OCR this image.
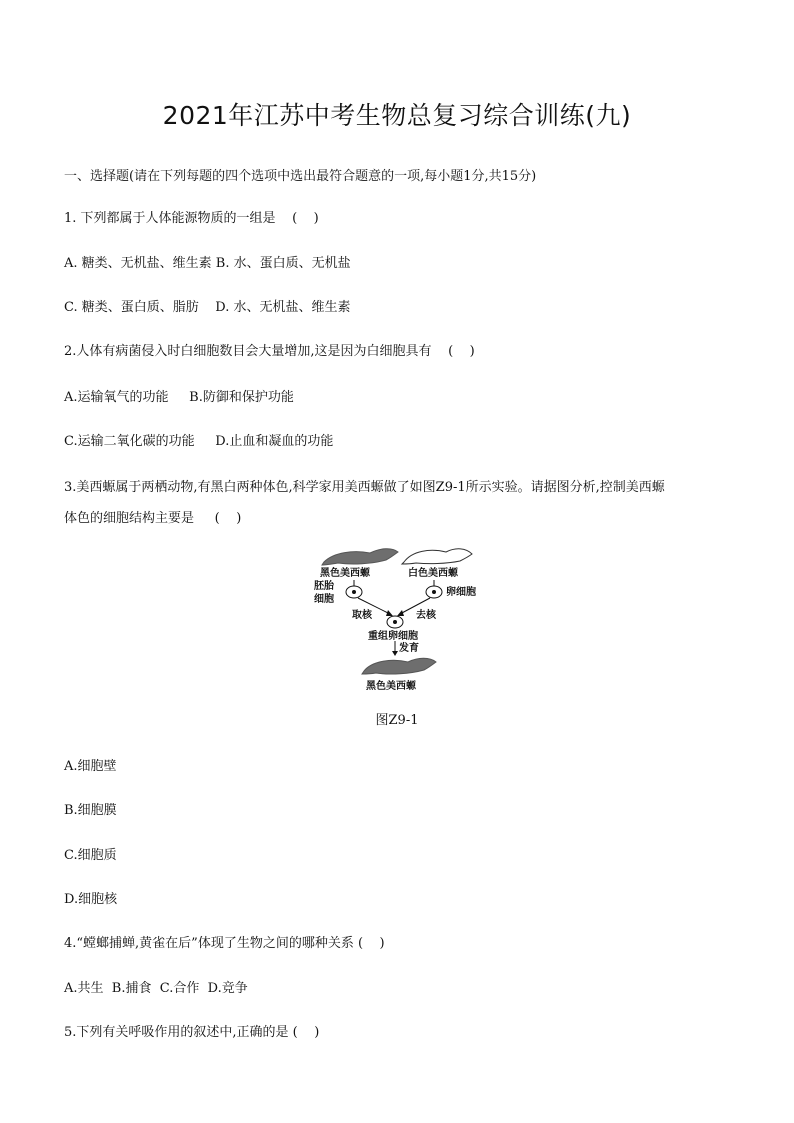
2021年江苏中考生物总复习综合训练(九)
一、选择题(请在下列每题的四个选项中选出最符合题意的一项,每小题1分,共15分)
1. 下列都属于人体能源物质的一组是    (    )
A. 糖类、无机盐、维生素 B. 水、蛋白质、无机盐
C. 糖类、蛋白质、脂肪    D. 水、无机盐、维生素
2.人体有病菌侵入时白细胞数目会大量增加,这是因为白细胞具有    (    )
A.运输氧气的功能     B.防御和保护功能
C.运输二氧化碳的功能     D.止血和凝血的功能
3.美西螈属于两栖动物,有黑白两种体色,科学家用美西螈做了如图Z9-1所示实验。请据图分析,控制美西螈
体色的细胞结构主要是     (    )
黑色美西螈	白色美西螈
胚胎
细胞
卵细胞
取核	去核
重组卵细胞
发育
黑色美西螈
图Z9-1
A.细胞壁
B.细胞膜
C.细胞质
D.细胞核
4.“螳螂捕蝉,黄雀在后”体现了生物之间的哪种关系 (    )
A.共生  B.捕食  C.合作  D.竞争
5.下列有关呼吸作用的叙述中,正确的是 (    )
